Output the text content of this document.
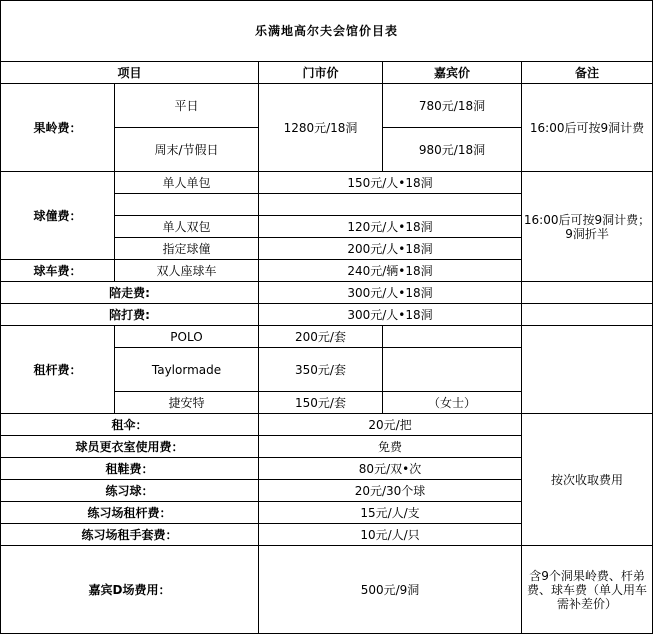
乐满地高尔夫会馆价目表				
项目		门市价	嘉宾价	备注
果岭费：	平日	1280元/18洞	780元/18洞	16:00后可按9洞计费
	周末/节假日		980元/18洞	
球僮费：	单人单包	150元/人•18洞		16:00后可按9洞计费；9洞折半

	单人双包	120元/人•18洞		
	指定球僮	200元/人•18洞		
球车费：	双人座球车	240元/辆•18洞		
陪走费:		300元/人•18洞		
陪打费:		300元/人•18洞		
租杆费：	POLO	200元/套		
	Taylormade	350元/套		
	捷安特	150元/套	（女士）	
租伞：		20元/把		按次收取费用
球员更衣室使用费：		免费		
租鞋费：		80元/双•次		
练习球：		20元/30个球		
练习场租杆费：		15元/人/支		
练习场租手套费：		10元/人/只		
嘉宾D场费用：		500元/9洞		含9个洞果岭费、杆弟费、球车费（单人用车需补差价）
